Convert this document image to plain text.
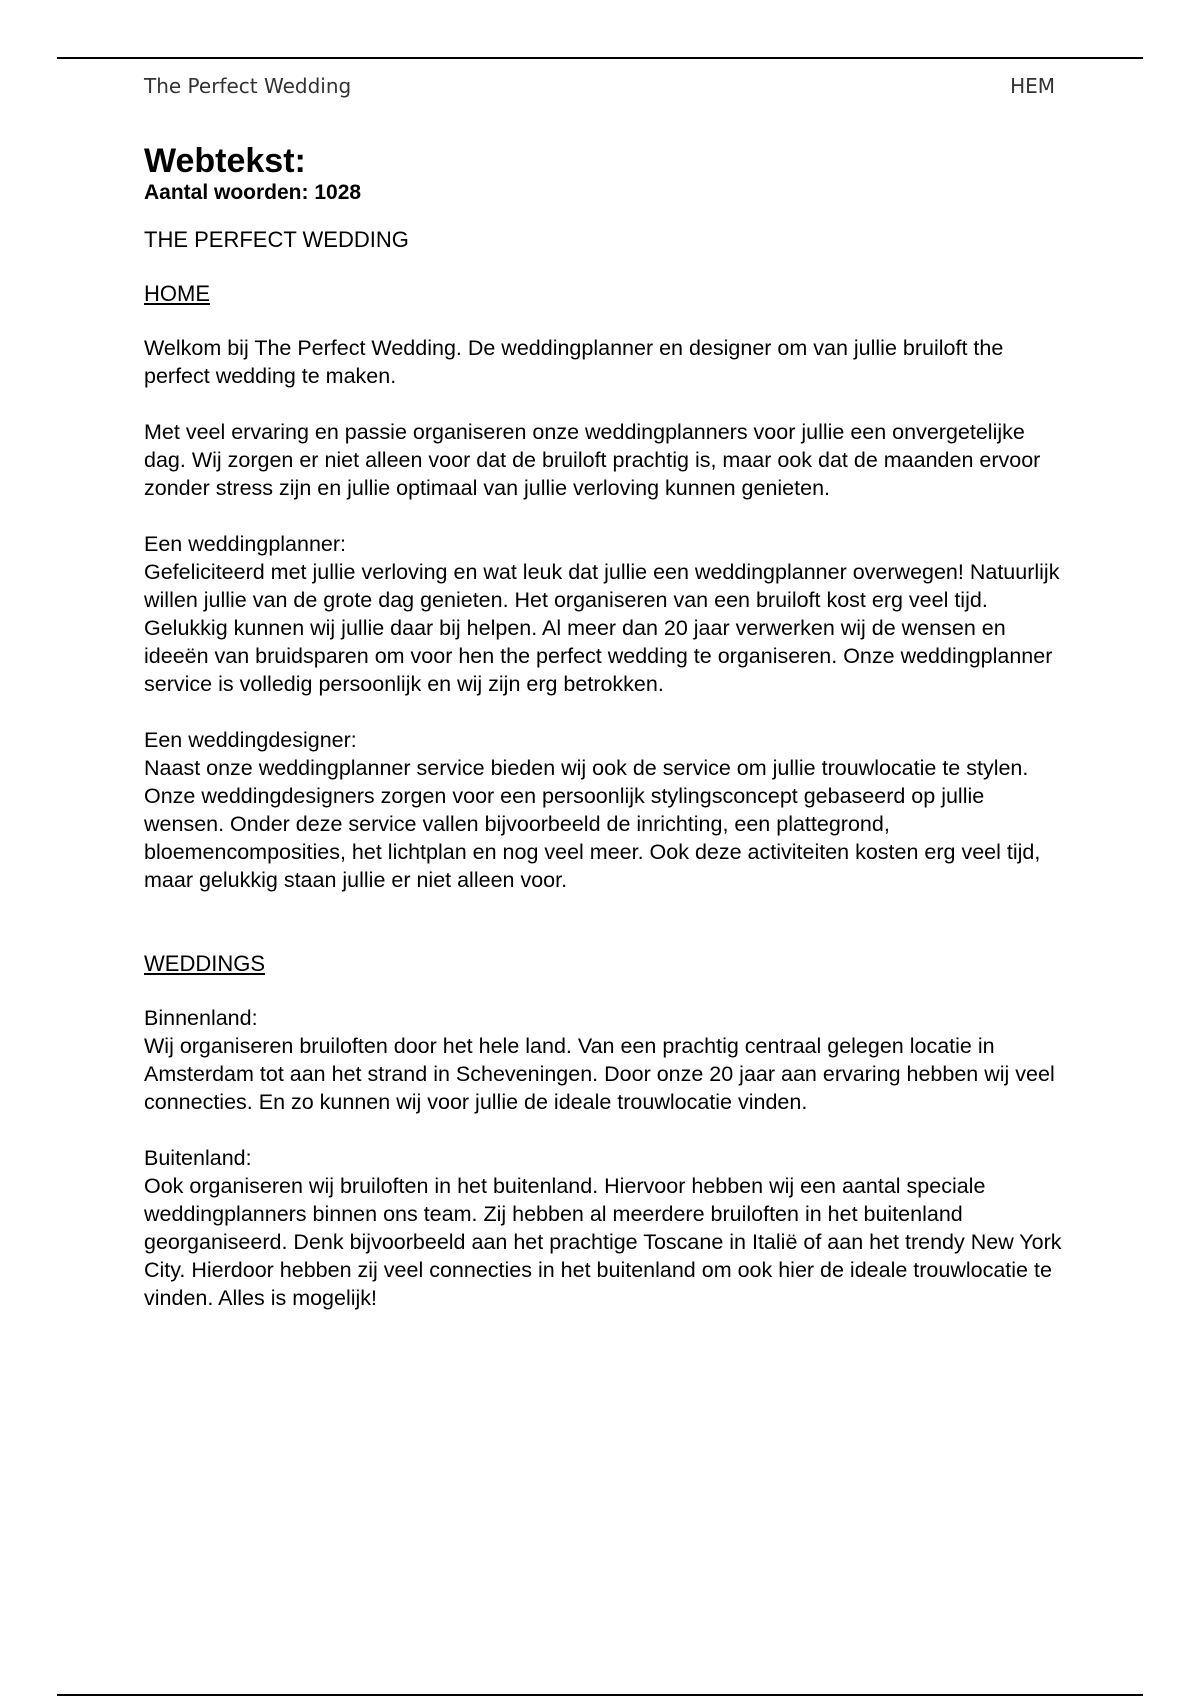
The Perfect Wedding	HEM
Webtekst:

Aantal woorden: 1028

THE PERFECT WEDDING

HOME

Welkom bij The Perfect Wedding. De weddingplanner en designer om van jullie bruiloft the perfect wedding te maken.

Met veel ervaring en passie organiseren onze weddingplanners voor jullie een onvergetelijke dag. Wij zorgen er niet alleen voor dat de bruiloft prachtig is, maar ook dat de maanden ervoor zonder stress zijn en jullie optimaal van jullie verloving kunnen genieten.

Een weddingplanner:

Gefeliciteerd met jullie verloving en wat leuk dat jullie een weddingplanner overwegen! Natuurlijk willen jullie van de grote dag genieten. Het organiseren van een bruiloft kost erg veel tijd. Gelukkig kunnen wij jullie daar bij helpen. Al meer dan 20 jaar verwerken wij de wensen en ideeën van bruidsparen om voor hen the perfect wedding te organiseren. Onze weddingplanner service is volledig persoonlijk en wij zijn erg betrokken.

Een weddingdesigner:

Naast onze weddingplanner service bieden wij ook de service om jullie trouwlocatie te stylen. Onze weddingdesigners zorgen voor een persoonlijk stylingsconcept gebaseerd op jullie wensen. Onder deze service vallen bijvoorbeeld de inrichting, een plattegrond, bloemencomposities, het lichtplan en nog veel meer. Ook deze activiteiten kosten erg veel tijd, maar gelukkig staan jullie er niet alleen voor.

WEDDINGS

Binnenland:

Wij organiseren bruiloften door het hele land. Van een prachtig centraal gelegen locatie in Amsterdam tot aan het strand in Scheveningen. Door onze 20 jaar aan ervaring hebben wij veel connecties. En zo kunnen wij voor jullie de ideale trouwlocatie vinden.

Buitenland:

Ook organiseren wij bruiloften in het buitenland. Hiervoor hebben wij een aantal speciale weddingplanners binnen ons team. Zij hebben al meerdere bruiloften in het buitenland georganiseerd. Denk bijvoorbeeld aan het prachtige Toscane in Italië of aan het trendy New York City. Hierdoor hebben zij veel connecties in het buitenland om ook hier de ideale trouwlocatie te vinden. Alles is mogelijk!
